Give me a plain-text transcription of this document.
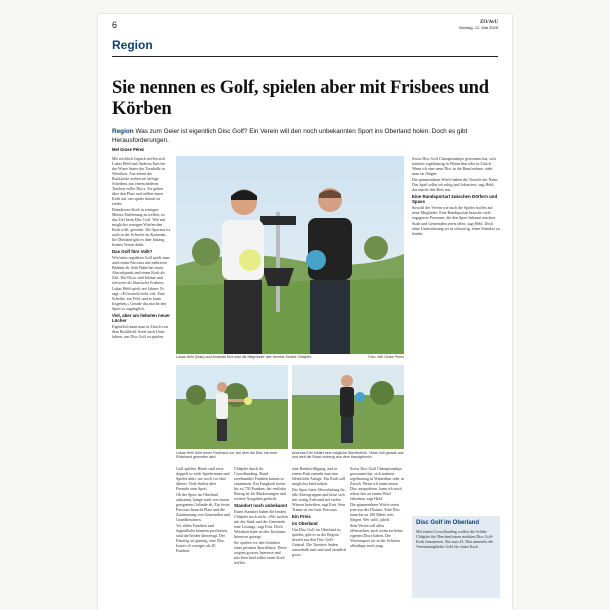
6	ZO/AvU
Montag, 12. Mai 2025
Region
Sie nennen es Golf, spielen aber mit Frisbees und Körben
Region Was zum Geier ist eigentlich Disc Golf? Ein Verein will den noch unbekannten Sport ins Oberland holen. Doch es gibt Herausforderungen.
Mel Giose Pérez

Mit reichlich Gepäck treffen sich Lukas Hehl und Andreas Erni bei der Wiese hinter der Turnhalle in Wetzikon. Aus einem der Rucksäcke ziehen sie farbige Scheiben, aus einem anderen Taschen voller Discs. Sie gehen über den Platz und stellen einen Korb auf, um später darauf zu zielen.

Ebendiesen Korb in wenigen Metern Entfernung zu treffen, ist das Ziel beim Disc Golf. Wer mit möglichst wenigen Würfen den Korb trifft, gewinnt. Die Sportart ist auch in der Schweiz im Kommen. Im Oberland gibt es aber bislang keinen Verein dafür.

Das Golf fürs Volk?

Wie beim regulären Golf spielt man auch einen Parcours mit mehreren Bahnen ab. Jede Bahn hat einen Abwurfpunkt und einen Korb als Ziel. Die Discs sind kleiner und schwerer als klassische Frisbees.

Lukas Hehl spielt seit Jahren. Er sagt: «Es braucht nicht viel. Eine Scheibe, ein Feld, und es kann losgehen.» Gerade das mache den Sport so zugänglich.

Viel, aber am liebsten neuer Löcher

Eigentlich kann man in Zürich von dem Ruckbichl-Areal nach Uster fahren, um Disc Golf zu spielen.

Lukas Hehl (links) und Andreas Erni sind die Mitgründer des Vereins Schibe Chläpfer.	Foto: Mel Giose Pérez
Lukas Hehl führt einen Forehand vor, bei dem die Disc mit einer Rückhand geworfen wird.
Andreas Erni erklärt eine mögliche Wurftechnik. «Man holt gerade aus und wirft die Rnad vorbeug aus dem Handgelenk».

Golf spielen. Heute sind etwa doppelt so viele Spielerinnen und Spieler aktiv wie noch vor fünf Jahren. Viele finden über Freunde zum Sport.

Ob der Sport im Oberland ankommt, hänge stark von einem geeigneten Gelände ab. Ein fester Parcours braucht Platz und die Zustimmung von Gemeinden und Grundbesitzern.

Vor allem Familien und Jugendliche könnten profitieren, sind die beiden überzeugt. Der Einstieg sei günstig, eine Disc kostet oft weniger als 20 Franken.

Chläpfer durch ihr Crowdfunding. Rund zweihundert Franken kamen so zusammen. Ein Fangkorb kostet bis zu 750 Franken, der restliche Betrag ist für Markierungen und weitere Ausgaben gedacht.

Standort noch unbekannt

Einen Standort haben die beiden Chläpfer noch nicht. «Wir suchen mit der Stadt und der Gemeinde eine Lösung», sagt Erni. Doch Wetzikon habe an den Terminen Interesse gezeigt.

Sie spielen vor den Schülern einer privaten Sportklasse. Diese zeigten grosses Interesse und möchten bald selbst einen Korb treffen.

eine Bauhewilligung, und in einem Park entsteht nun eine öffentliche Anlage. Ein Korb soll möglichst bald stehen.

Der Sport biete Abwechslung für alle Altersgruppen und lasse sich mit wenig Aufwand auf vielen Wiesen betreiben, sagt Erni. Sein Traum ist ein fixer Parcours.

Ein Preis
im Oberland

Um Disc Golf im Oberland zu spielen, gibt es in der Region derzeit nur den Disc Golf-Grüntal. Die Turniere finden ausserhalb statt und sind ziemlich gross.

Swiss Disc Golf Championships gewonnen hat, sich trainiert regelmässig in Winterthur oder in Zürich. Wenn ich einen neuen Disc ausprobiere, kann ich mich schon fast an einem Wurf erkennen, sagt Hehl.

Die spannendsten Würfe seien jene aus der Distanz. Eine Disc kann bis zu 100 Meter weit fliegen. Wer trifft, jubelt.

Sein Verein soll allen offenstehen, auch wenn sie keine eigenen Discs haben. Der Vereinssport sei in der Schweiz allerdings noch jung.

Swiss Disc Golf Championships gewonnen hat, sich trainiert regelmässig in Winterthur oder in Zürich. Wenn ich eine neue Disc in die Hand nehme, sieht man sie fliegen.

Die spannendsten Würfe haben die Vorteile der Natur. Das Spiel selbst sei ruhig und fokussiert, sagt Hehl, das mache den Reiz aus.

Eine Randsportart zwischen Dörfern und Spass

Sowohl der Verein wie auch die Spieler hoffen auf neue Mitglieder. Eine Randsportart brauche viele engagierte Personen, die den Sport bekannt machen.

Stadt und Gemeinden seien offen, sagt Hehl. Doch ohne Unterstützung sei es schwierig, einen Standort zu finden.

Disc Golf im Oberland

Mit einem Crowdfunding wollen die Schibe Chläpfer für Oberland einen mobilen Disc Golf-Korb finanzieren. Bis zum 25. Mai sammeln die Vereinsmitglieder Geld für einen Korb.
